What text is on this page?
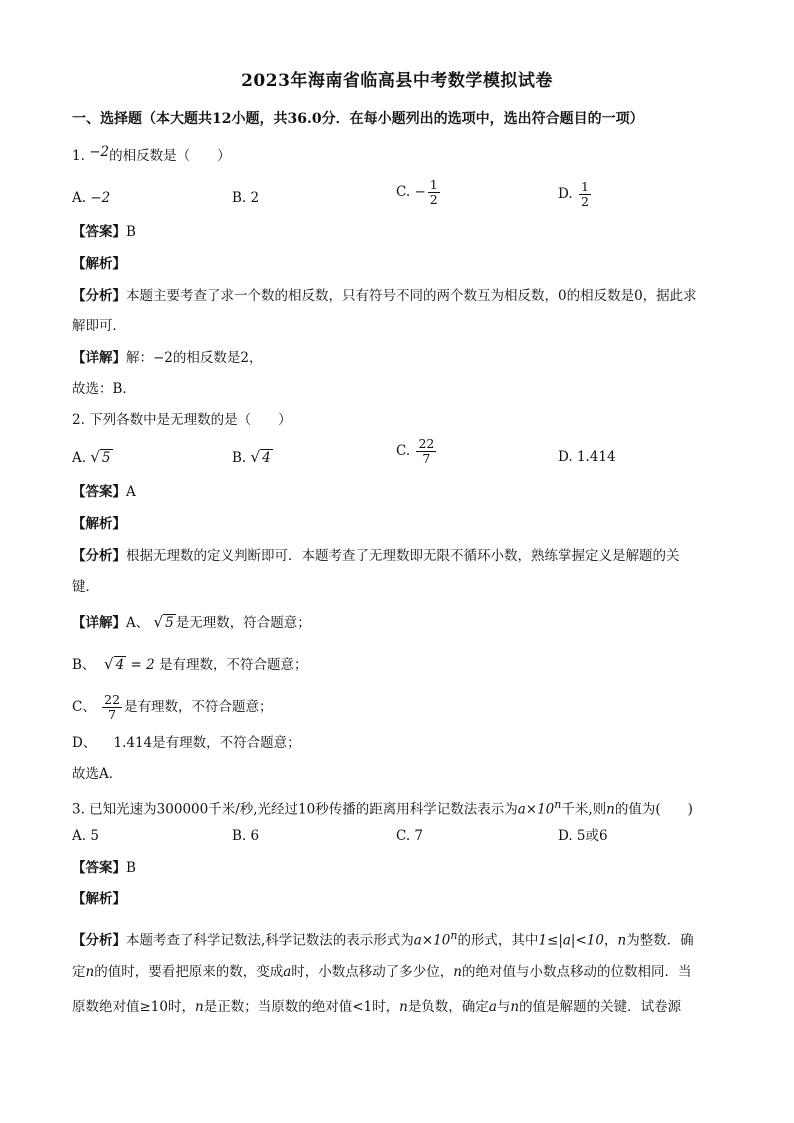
2023年海南省临高县中考数学模拟试卷
一、选择题（本大题共12小题，共36.0分．在每小题列出的选项中，选出符合题目的一项）
1. −2的相反数是（　　）
A. −2	B. 2	C. − $\frac{1}{2}$	D. $\frac{1}{2}$
【答案】B
【解析】
【分析】本题主要考查了求一个数的相反数，只有符号不同的两个数互为相反数，0的相反数是0，据此求
解即可．
【详解】解：−2的相反数是2，
故选：B．
2. 下列各数中是无理数的是（　　）
A. √ 5	B. √ 4	C. $\frac{22}{7}$	D. 1.414
【答案】A
【解析】
【分析】根据无理数的定义判断即可．本题考查了无理数即无限不循环小数，熟练掌握定义是解题的关
键．
【详解】A、 √ 5 是无理数，符合题意；
B、 √ 4 = 2 是有理数，不符合题意；
C、 $\frac{22}{7}$ 是有理数，不符合题意；
D、 1.414是有理数，不符合题意；
故选A．
3. 已知光速为300000千米/秒,光经过10秒传播的距离用科学记数法表示为$a\times 10^n$千米,则n的值为(　　)
A. 5	B. 6	C. 7	D. 5或6
【答案】B
【解析】
【分析】本题考查了科学记数法,科学记数法的表示形式为$a\times 10^n$的形式，其中1≤|a|<10，n为整数．确
定n的值时，要看把原来的数，变成a时，小数点移动了多少位，n的绝对值与小数点移动的位数相同．当
原数绝对值≥10时，n是正数；当原数的绝对值<1时，n是负数，确定a与n的值是解题的关键．试卷源
